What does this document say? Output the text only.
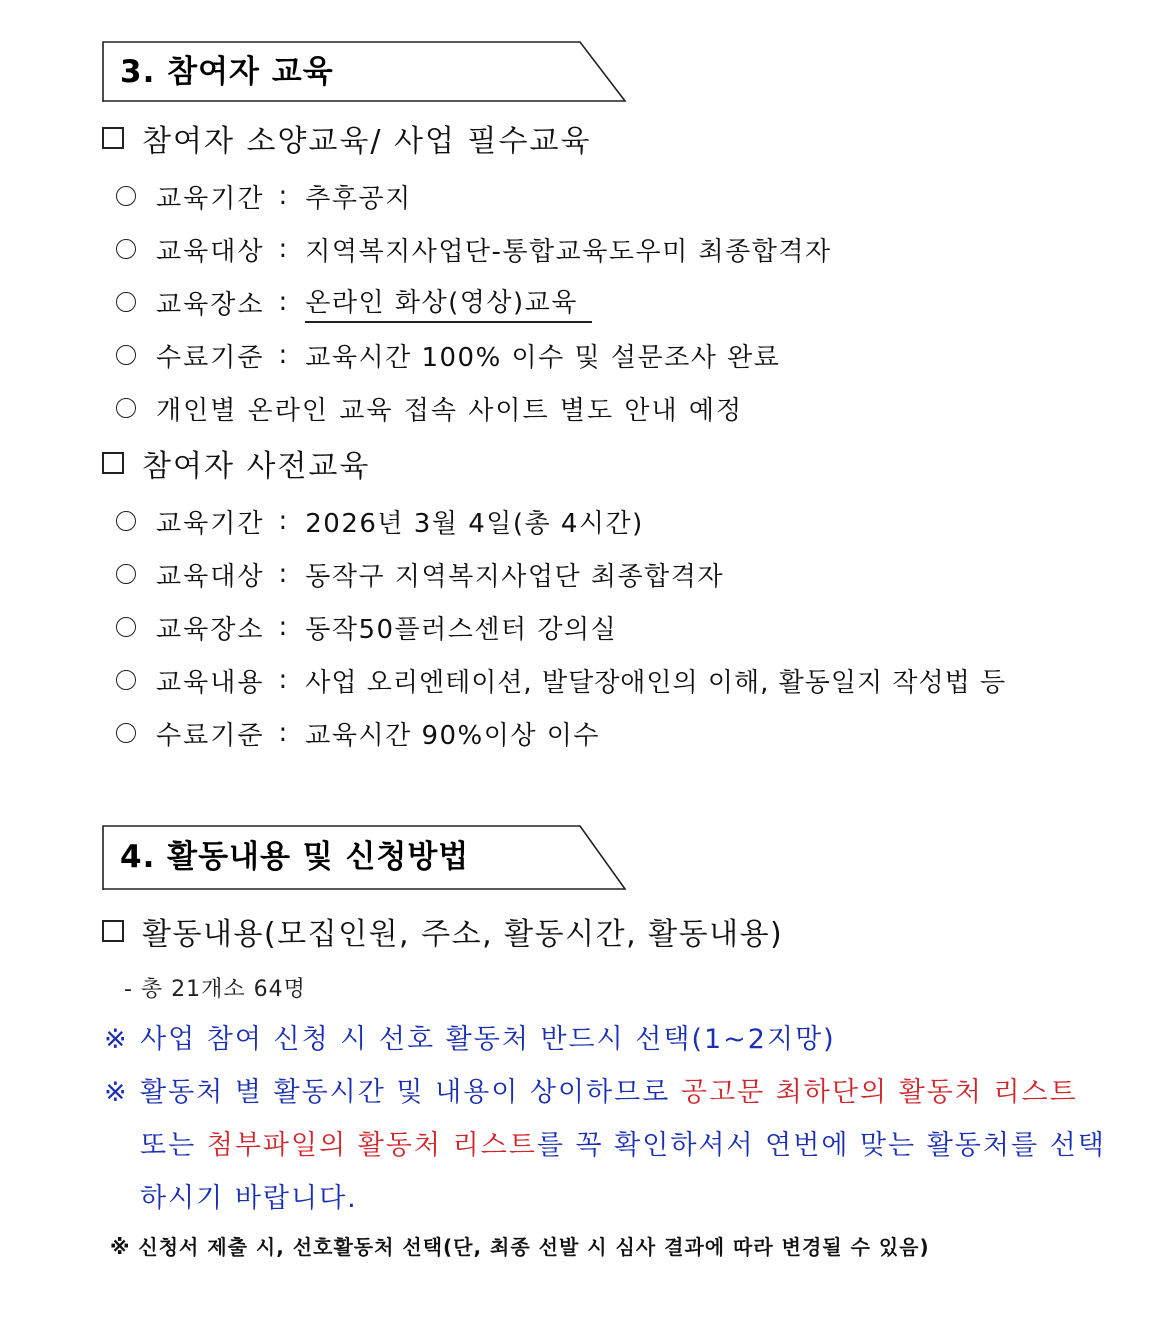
3. 참여자 교육
참여자 소양교육/ 사업 필수교육
교육기간 : 추후공지
교육대상 : 지역복지사업단-통합교육도우미 최종합격자
교육장소 : 온라인 화상(영상)교육
수료기준 : 교육시간 100% 이수 및 설문조사 완료
개인별 온라인 교육 접속 사이트 별도 안내 예정
참여자 사전교육
교육기간 : 2026년 3월 4일(총 4시간)
교육대상 : 동작구 지역복지사업단 최종합격자
교육장소 : 동작50플러스센터 강의실
교육내용 : 사업 오리엔테이션, 발달장애인의 이해, 활동일지 작성법 등
수료기준 : 교육시간 90%이상 이수
4. 활동내용 및 신청방법
활동내용(모집인원, 주소, 활동시간, 활동내용)
- 총 21개소 64명
※ 사업 참여 신청 시 선호 활동처 반드시 선택(1~2지망)
※ 활동처 별 활동시간 및 내용이 상이하므로 공고문 최하단의 활동처 리스트
또는 첨부파일의 활동처 리스트를 꼭 확인하셔서 연번에 맞는 활동처를 선택
하시기 바랍니다.
※ 신청서 제출 시, 선호활동처 선택(단, 최종 선발 시 심사 결과에 따라 변경될 수 있음)
